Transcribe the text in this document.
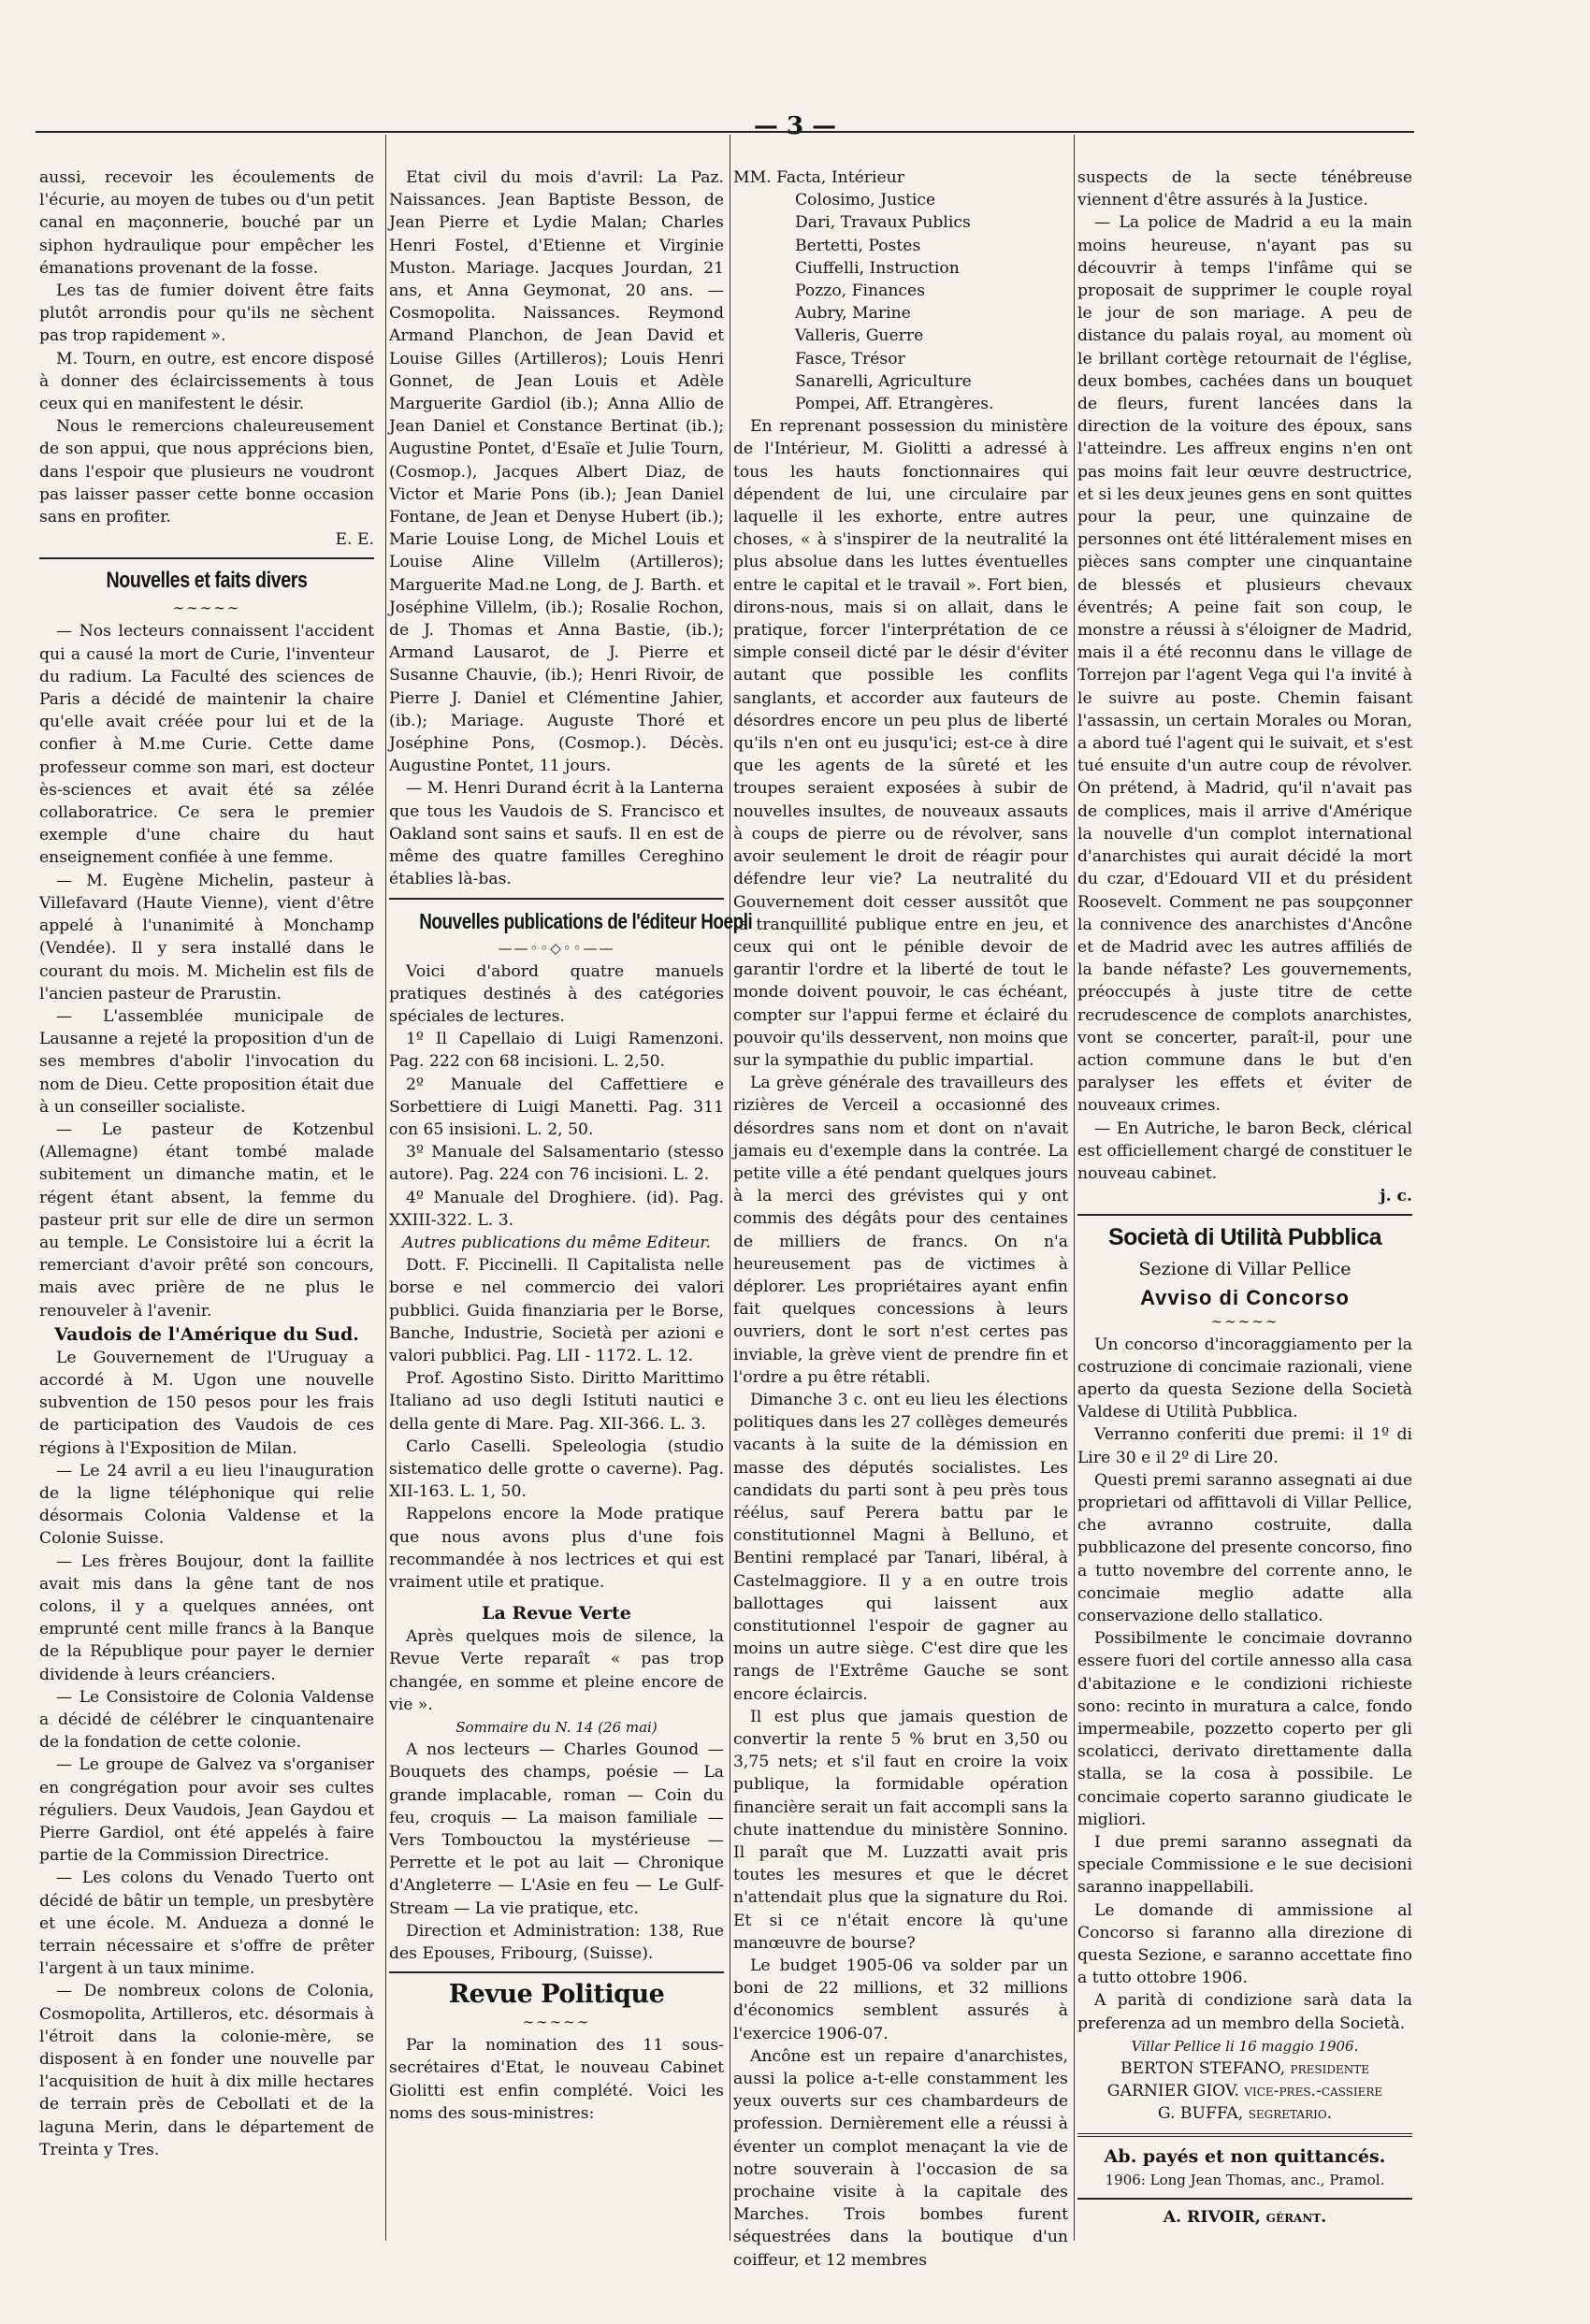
— 3 —

aussi, recevoir les écoulements de l'écurie, au moyen de tubes ou d'un petit canal en maçonnerie, bouché par un siphon hydraulique pour empêcher les émanations provenant de la fosse.

Les tas de fumier doivent être faits plutôt arrondis pour qu'ils ne sèchent pas trop rapidement ».

M. Tourn, en outre, est encore disposé à donner des éclaircissements à tous ceux qui en manifestent le désir.

Nous le remercions chaleureusement de son appui, que nous apprécions bien, dans l'espoir que plusieurs ne voudront pas laisser passer cette bonne occasion sans en profiter.

E. E.
Nouvelles et faits divers
∼∼∼∼∼

— Nos lecteurs connaissent l'accident qui a causé la mort de Curie, l'inventeur du radium. La Faculté des sciences de Paris a décidé de maintenir la chaire qu'elle avait créée pour lui et de la confier à M.me Curie. Cette dame professeur comme son mari, est docteur ès-sciences et avait été sa zélée collaboratrice. Ce sera le premier exemple d'une chaire du haut enseignement confiée à une femme.

— M. Eugène Michelin, pasteur à Villefavard (Haute Vienne), vient d'être appelé à l'unanimité à Monchamp (Vendée). Il y sera installé dans le courant du mois. M. Michelin est fils de l'ancien pasteur de Prarustin.

— L'assemblée municipale de Lausanne a rejeté la proposition d'un de ses membres d'abolir l'invocation du nom de Dieu. Cette proposition était due à un conseiller socialiste.

— Le pasteur de Kotzenbul (Allemagne) étant tombé malade subitement un dimanche matin, et le régent étant absent, la femme du pasteur prit sur elle de dire un sermon au temple. Le Consistoire lui a écrit la remerciant d'avoir prêté son concours, mais avec prière de ne plus le renouveler à l'avenir.

Vaudois de l'Amérique du Sud.

Le Gouvernement de l'Uruguay a accordé à M. Ugon une nouvelle subvention de 150 pesos pour les frais de participation des Vaudois de ces régions à l'Exposition de Milan.

— Le 24 avril a eu lieu l'inauguration de la ligne téléphonique qui relie désormais Colonia Valdense et la Colonie Suisse.

— Les frères Boujour, dont la faillite avait mis dans la gêne tant de nos colons, il y a quelques années, ont emprunté cent mille francs à la Banque de la République pour payer le dernier dividende à leurs créanciers.

— Le Consistoire de Colonia Valdense a décidé de célébrer le cinquantenaire de la fondation de cette colonie.

— Le groupe de Galvez va s'organiser en congrégation pour avoir ses cultes réguliers. Deux Vaudois, Jean Gaydou et Pierre Gardiol, ont été appelés à faire partie de la Commission Directrice.

— Les colons du Venado Tuerto ont décidé de bâtir un temple, un presbytère et une école. M. Andueza a donné le terrain nécessaire et s'offre de prêter l'argent à un taux minime.

— De nombreux colons de Colonia, Cosmopolita, Artilleros, etc. désormais à l'étroit dans la colonie-mère, se disposent à en fonder une nouvelle par l'acquisition de huit à dix mille hectares de terrain près de Cebollati et de la laguna Merin, dans le département de Treinta y Tres.

Etat civil du mois d'avril: La Paz. Naissances. Jean Baptiste Besson, de Jean Pierre et Lydie Malan; Charles Henri Fostel, d'Etienne et Virginie Muston. Mariage. Jacques Jourdan, 21 ans, et Anna Geymonat, 20 ans. — Cosmopolita. Naissances. Reymond Armand Planchon, de Jean David et Louise Gilles (Artilleros); Louis Henri Gonnet, de Jean Louis et Adèle Marguerite Gardiol (ib.); Anna Allio de Jean Daniel et Constance Bertinat (ib.); Augustine Pontet, d'Esaïe et Julie Tourn, (Cosmop.), Jacques Albert Diaz, de Victor et Marie Pons (ib.); Jean Daniel Fontane, de Jean et Denyse Hubert (ib.); Marie Louise Long, de Michel Louis et Louise Aline Villelm (Artilleros); Marguerite Mad.ne Long, de J. Barth. et Joséphine Villelm, (ib.); Rosalie Rochon, de J. Thomas et Anna Bastie, (ib.); Armand Lausarot, de J. Pierre et Susanne Chauvie, (ib.); Henri Rivoir, de Pierre J. Daniel et Clémentine Jahier, (ib.); Mariage. Auguste Thoré et Joséphine Pons, (Cosmop.). Décès. Augustine Pontet, 11 jours.

— M. Henri Durand écrit à la Lanterna que tous les Vaudois de S. Francisco et Oakland sont sains et saufs. Il en est de même des quatre familles Cereghino établies là-bas.

Nouvelles publications de l'éditeur Hoepli
——◦◦◇◦◦——

Voici d'abord quatre manuels pratiques destinés à des catégories spéciales de lectures.

1º Il Capellaio di Luigi Ramenzoni. Pag. 222 con 68 incisioni. L. 2,50.

2º Manuale del Caffettiere e Sorbettiere di Luigi Manetti. Pag. 311 con 65 insisioni. L. 2, 50.

3º Manuale del Salsamentario (stesso autore). Pag. 224 con 76 incisioni. L. 2.

4º Manuale del Droghiere. (id). Pag. XXIII-322. L. 3.

Autres publications du même Editeur.

Dott. F. Piccinelli. Il Capitalista nelle borse e nel commercio dei valori pubblici. Guida finanziaria per le Borse, Banche, Industrie, Società per azioni e valori pubblici. Pag. LII - 1172. L. 12.

Prof. Agostino Sisto. Diritto Marittimo Italiano ad uso degli Istituti nautici e della gente di Mare. Pag. XII-366. L. 3.

Carlo Caselli. Speleologia (studio sistematico delle grotte o caverne). Pag. XII-163. L. 1, 50.

Rappelons encore la Mode pratique que nous avons plus d'une fois recommandée à nos lectrices et qui est vraiment utile et pratique.

La Revue Verte

Après quelques mois de silence, la Revue Verte reparaît « pas trop changée, en somme et pleine encore de vie ».

Sommaire du N. 14 (26 mai)

A nos lecteurs — Charles Gounod — Bouquets des champs, poésie — La grande implacable, roman — Coin du feu, croquis — La maison familiale — Vers Tombouctou la mystérieuse — Perrette et le pot au lait — Chronique d'Angleterre — L'Asie en feu — Le Gulf-Stream — La vie pratique, etc.

Direction et Administration: 138, Rue des Epouses, Fribourg, (Suisse).

Revue Politique
∼∼∼∼∼

Par la nomination des 11 sous-secrétaires d'Etat, le nouveau Cabinet Giolitti est enfin complété. Voici les noms des sous-ministres:

MM. Facta, Intérieur

Colosimo, Justice

Dari, Travaux Publics

Bertetti, Postes

Ciuffelli, Instruction

Pozzo, Finances

Aubry, Marine

Valleris, Guerre

Fasce, Trésor

Sanarelli, Agriculture

Pompei, Aff. Etrangères.

En reprenant possession du ministère de l'Intérieur, M. Giolitti a adressé à tous les hauts fonctionnaires qui dépendent de lui, une circulaire par laquelle il les exhorte, entre autres choses, « à s'inspirer de la neutralité la plus absolue dans les luttes éventuelles entre le capital et le travail ». Fort bien, dirons-nous, mais si on allait, dans le pratique, forcer l'interprétation de ce simple conseil dicté par le désir d'éviter autant que possible les conflits sanglants, et accorder aux fauteurs de désordres encore un peu plus de liberté qu'ils n'en ont eu jusqu'ici; est-ce à dire que les agents de la sûreté et les troupes seraient exposées à subir de nouvelles insultes, de nouveaux assauts à coups de pierre ou de révolver, sans avoir seulement le droit de réagir pour défendre leur vie? La neutralité du Gouvernement doit cesser aussitôt que la tranquillité publique entre en jeu, et ceux qui ont le pénible devoir de garantir l'ordre et la liberté de tout le monde doivent pouvoir, le cas échéant, compter sur l'appui ferme et éclairé du pouvoir qu'ils desservent, non moins que sur la sympathie du public impartial.

La grève générale des travailleurs des rizières de Verceil a occasionné des désordres sans nom et dont on n'avait jamais eu d'exemple dans la contrée. La petite ville a été pendant quelques jours à la merci des grévistes qui y ont commis des dégâts pour des centaines de milliers de francs. On n'a heureusement pas de victimes à déplorer. Les propriétaires ayant enfin fait quelques concessions à leurs ouvriers, dont le sort n'est certes pas inviable, la grève vient de prendre fin et l'ordre a pu être rétabli.

Dimanche 3 c. ont eu lieu les élections politiques dans les 27 collèges demeurés vacants à la suite de la démission en masse des députés socialistes. Les candidats du parti sont à peu près tous réélus, sauf Perera battu par le constitutionnel Magni à Belluno, et Bentini remplacé par Tanari, libéral, à Castelmaggiore. Il y a en outre trois ballottages qui laissent aux constitutionnel l'espoir de gagner au moins un autre siège. C'est dire que les rangs de l'Extrême Gauche se sont encore éclaircis.

Il est plus que jamais question de convertir la rente 5 % brut en 3,50 ou 3,75 nets; et s'il faut en croire la voix publique, la formidable opération financière serait un fait accompli sans la chute inattendue du ministère Sonnino. Il paraît que M. Luzzatti avait pris toutes les mesures et que le décret n'attendait plus que la signature du Roi. Et si ce n'était encore là qu'une manœuvre de bourse?

Le budget 1905-06 va solder par un boni de 22 millions, et 32 millions d'économics semblent assurés à l'exercice 1906-07.

Ancône est un repaire d'anarchistes, aussi la police a-t-elle constamment les yeux ouverts sur ces chambardeurs de profession. Dernièrement elle a réussi à éventer un complot menaçant la vie de notre souverain à l'occasion de sa prochaine visite à la capitale des Marches. Trois bombes furent séquestrées dans la boutique d'un coiffeur, et 12 membres

suspects de la secte ténébreuse viennent d'être assurés à la Justice.

— La police de Madrid a eu la main moins heureuse, n'ayant pas su découvrir à temps l'infâme qui se proposait de supprimer le couple royal le jour de son mariage. A peu de distance du palais royal, au moment où le brillant cortège retournait de l'église, deux bombes, cachées dans un bouquet de fleurs, furent lancées dans la direction de la voiture des époux, sans l'atteindre. Les affreux engins n'en ont pas moins fait leur œuvre destructrice, et si les deux jeunes gens en sont quittes pour la peur, une quinzaine de personnes ont été littéralement mises en pièces sans compter une cinquantaine de blessés et plusieurs chevaux éventrés; A peine fait son coup, le monstre a réussi à s'éloigner de Madrid, mais il a été reconnu dans le village de Torrejon par l'agent Vega qui l'a invité à le suivre au poste. Chemin faisant l'assassin, un certain Morales ou Moran, a abord tué l'agent qui le suivait, et s'est tué ensuite d'un autre coup de révolver. On prétend, à Madrid, qu'il n'avait pas de complices, mais il arrive d'Amérique la nouvelle d'un complot international d'anarchistes qui aurait décidé la mort du czar, d'Edouard VII et du président Roosevelt. Comment ne pas soupçonner la connivence des anarchistes d'Ancône et de Madrid avec les autres affiliés de la bande néfaste? Les gouvernements, préoccupés à juste titre de cette recrudescence de complots anarchistes, vont se concerter, paraît-il, pour une action commune dans le but d'en paralyser les effets et éviter de nouveaux crimes.

— En Autriche, le baron Beck, clérical est officiellement chargé de constituer le nouveau cabinet.

j. c.
Società di Utilità Pubblica
Sezione di Villar Pellice
Avviso di Concorso
∼∼∼∼∼

Un concorso d'incoraggiamento per la costruzione di concimaie razionali, viene aperto da questa Sezione della Società Valdese di Utilità Pubblica.

Verranno conferiti due premi: il 1º di Lire 30 e il 2º di Lire 20.

Questi premi saranno assegnati ai due proprietari od affittavoli di Villar Pellice, che avranno costruite, dalla pubblicazone del presente concorso, fino a tutto novembre del corrente anno, le concimaie meglio adatte alla conservazione dello stallatico.

Possibilmente le concimaie dovranno essere fuori del cortile annesso alla casa d'abitazione e le condizioni richieste sono: recinto in muratura a calce, fondo impermeabile, pozzetto coperto per gli scolaticci, derivato direttamente dalla stalla, se la cosa à possibile. Le concimaie coperto saranno giudicate le migliori.

I due premi saranno assegnati da speciale Commissione e le sue decisioni saranno inappellabili.

Le domande di ammissione al Concorso si faranno alla direzione di questa Sezione, e saranno accettate fino a tutto ottobre 1906.

A parità di condizione sarà data la preferenza ad un membro della Società.

Villar Pellice li 16 maggio 1906.
BERTON STEFANO, presidente
GARNIER GIOV. vice-pres.-cassiere
G. BUFFA, segretario.
Ab. payés et non quittancés.
1906: Long Jean Thomas, anc., Pramol.
A. RIVOIR, gérant.
